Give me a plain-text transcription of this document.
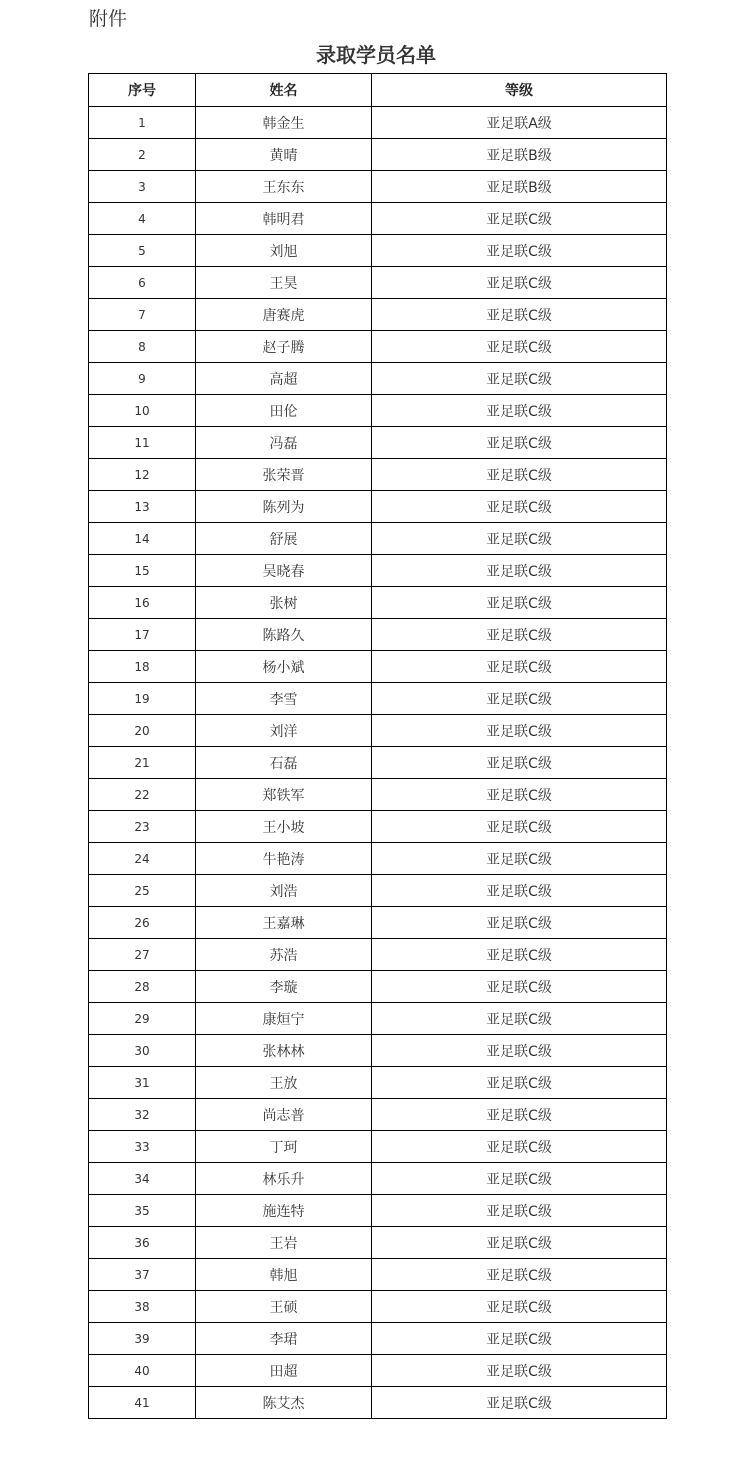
附件
录取学员名单
序号	姓名	等级
1	韩金生	亚足联A级
2	黄晴	亚足联B级
3	王东东	亚足联B级
4	韩明君	亚足联C级
5	刘旭	亚足联C级
6	王昊	亚足联C级
7	唐赛虎	亚足联C级
8	赵子腾	亚足联C级
9	高超	亚足联C级
10	田伦	亚足联C级
11	冯磊	亚足联C级
12	张荣晋	亚足联C级
13	陈列为	亚足联C级
14	舒展	亚足联C级
15	吴晓春	亚足联C级
16	张树	亚足联C级
17	陈路久	亚足联C级
18	杨小斌	亚足联C级
19	李雪	亚足联C级
20	刘洋	亚足联C级
21	石磊	亚足联C级
22	郑铁军	亚足联C级
23	王小坡	亚足联C级
24	牛艳涛	亚足联C级
25	刘浩	亚足联C级
26	王嘉琳	亚足联C级
27	苏浩	亚足联C级
28	李璇	亚足联C级
29	康烜宁	亚足联C级
30	张林林	亚足联C级
31	王放	亚足联C级
32	尚志普	亚足联C级
33	丁珂	亚足联C级
34	林乐升	亚足联C级
35	施连特	亚足联C级
36	王岩	亚足联C级
37	韩旭	亚足联C级
38	王硕	亚足联C级
39	李珺	亚足联C级
40	田超	亚足联C级
41	陈艾杰	亚足联C级
